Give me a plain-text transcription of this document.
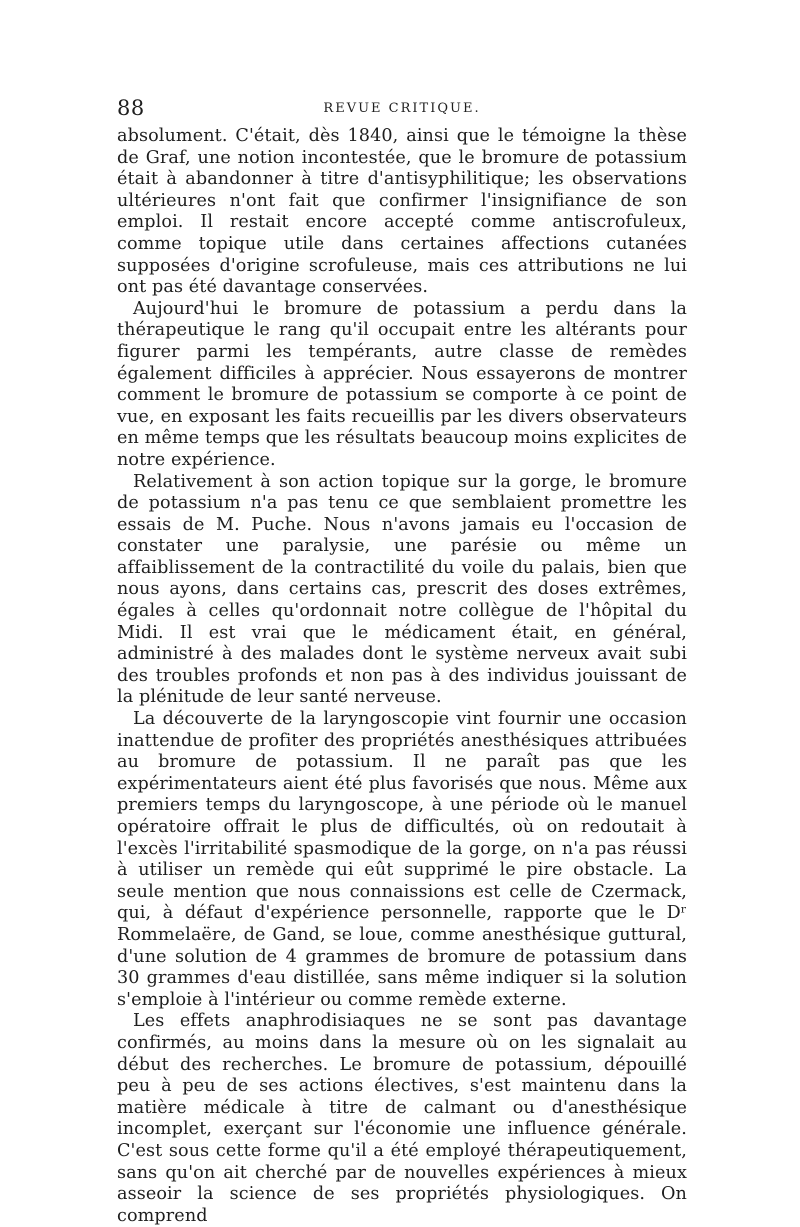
88	REVUE CRITIQUE.

absolument. C'était, dès 1840, ainsi que le témoigne la thèse de Graf, une notion incontestée, que le bromure de potassium était à abandonner à titre d'antisyphilitique; les observations ultérieures n'ont fait que confirmer l'insignifiance de son emploi. Il restait encore accepté comme antiscrofuleux, comme topique utile dans certaines affections cutanées supposées d'origine scrofuleuse, mais ces attributions ne lui ont pas été davantage conservées.

Aujourd'hui le bromure de potassium a perdu dans la thérapeutique le rang qu'il occupait entre les altérants pour figurer parmi les tempérants, autre classe de remèdes également difficiles à apprécier. Nous essayerons de montrer comment le bromure de potassium se comporte à ce point de vue, en exposant les faits recueillis par les divers observateurs en même temps que les résultats beaucoup moins explicites de notre expérience.

Relativement à son action topique sur la gorge, le bromure de potassium n'a pas tenu ce que semblaient promettre les essais de M. Puche. Nous n'avons jamais eu l'occasion de constater une paralysie, une parésie ou même un affaiblissement de la contractilité du voile du palais, bien que nous ayons, dans certains cas, prescrit des doses extrêmes, égales à celles qu'ordonnait notre collègue de l'hôpital du Midi. Il est vrai que le médicament était, en général, administré à des malades dont le système nerveux avait subi des troubles profonds et non pas à des individus jouissant de la plénitude de leur santé nerveuse.

La découverte de la laryngoscopie vint fournir une occasion inattendue de profiter des propriétés anesthésiques attribuées au bromure de potassium. Il ne paraît pas que les expérimentateurs aient été plus favorisés que nous. Même aux premiers temps du laryngoscope, à une période où le manuel opératoire offrait le plus de difficultés, où on redoutait à l'excès l'irritabilité spasmodique de la gorge, on n'a pas réussi à utiliser un remède qui eût supprimé le pire obstacle. La seule mention que nous connaissions est celle de Czermack, qui, à défaut d'expérience personnelle, rapporte que le Dʳ Rommelaëre, de Gand, se loue, comme anesthésique guttural, d'une solution de 4 grammes de bromure de potassium dans 30 grammes d'eau distillée, sans même indiquer si la solution s'emploie à l'intérieur ou comme remède externe.

Les effets anaphrodisiaques ne se sont pas davantage confirmés, au moins dans la mesure où on les signalait au début des recherches. Le bromure de potassium, dépouillé peu à peu de ses actions électives, s'est maintenu dans la matière médicale à titre de calmant ou d'anesthésique incomplet, exerçant sur l'économie une influence générale. C'est sous cette forme qu'il a été employé thérapeutiquement, sans qu'on ait cherché par de nouvelles expériences à mieux asseoir la science de ses propriétés physiologiques. On comprend
